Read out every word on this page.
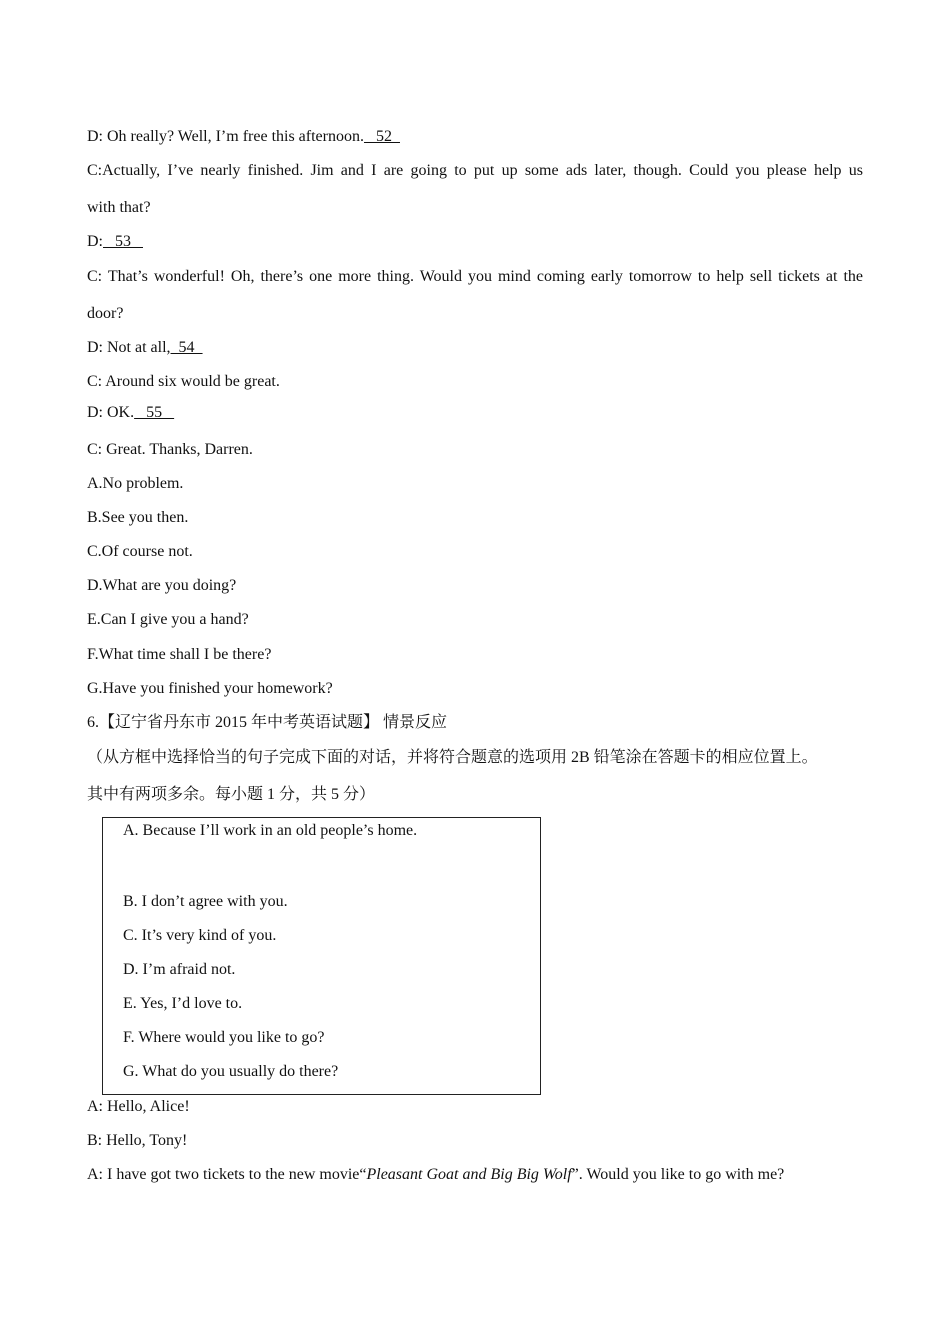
D: Oh really? Well, I’m free this afternoon.   52
C:Actually, I’ve nearly finished. Jim and I are going to put up some ads later, though. Could you please help us
with that?
D:   53
C: That’s wonderful! Oh, there’s one more thing. Would you mind coming early tomorrow to help sell tickets at the
door?
D: Not at all,  54
C: Around six would be great.
D: OK.   55
C: Great. Thanks, Darren.
A.No problem.
B.See you then.
C.Of course not.
D.What are you doing?
E.Can I give you a hand?
F.What time shall I be there?
G.Have you finished your homework?
6.【辽宁省丹东市 2015 年中考英语试题】 情景反应
（从方框中选择恰当的句子完成下面的对话，并将符合题意的选项用 2B 铅笔涂在答题卡的相应位置上。
其中有两项多余。每小题 1 分，共 5 分）
A. Because I’ll work in an old people’s home.
B. I don’t agree with you.
C. It’s very kind of you.
D. I’m afraid not.
E. Yes, I’d love to.
F. Where would you like to go?
G. What do you usually do there?
A: Hello, Alice!
B: Hello, Tony!
A: I have got two tickets to the new movie“Pleasant Goat and Big Big Wolf”. Would you like to go with me?
